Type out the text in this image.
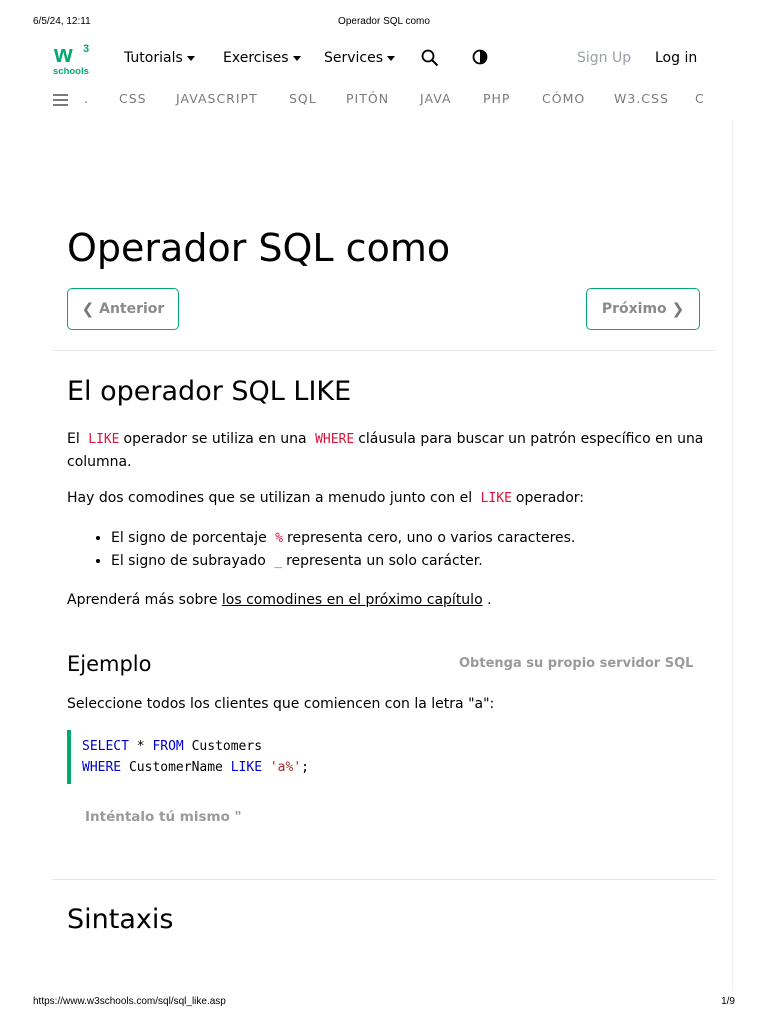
6/5/24, 12:11	Operador SQL como
w 3
schools
Tutorials	Exercises	Services	Sign Up Log in
. CSS JAVASCRIPT	SQL PITÓN JAVA	PHP	CÓMO W3.CSS C
Operador SQL como
❮
Anterior	Próximo
❯
El operador SQL LIKE

El LIKE operador se utiliza en una WHERE cláusula para buscar un patrón específico en una columna.

Hay dos comodines que se utilizan a menudo junto con el LIKE operador:

• El signo de porcentaje % representa cero, uno o varios caracteres.
• El signo de subrayado _ representa un solo carácter.

Aprenderá más sobre los comodines en el próximo capítulo .

Ejemplo	Obtenga su propio servidor SQL

Seleccione todos los clientes que comiencen con la letra "a":

SELECT * FROM Customers
WHERE CustomerName LIKE 'a%';
Inténtalo tú mismo "
Sintaxis
https://www.w3schools.com/sql/sql_like.asp	1/9
